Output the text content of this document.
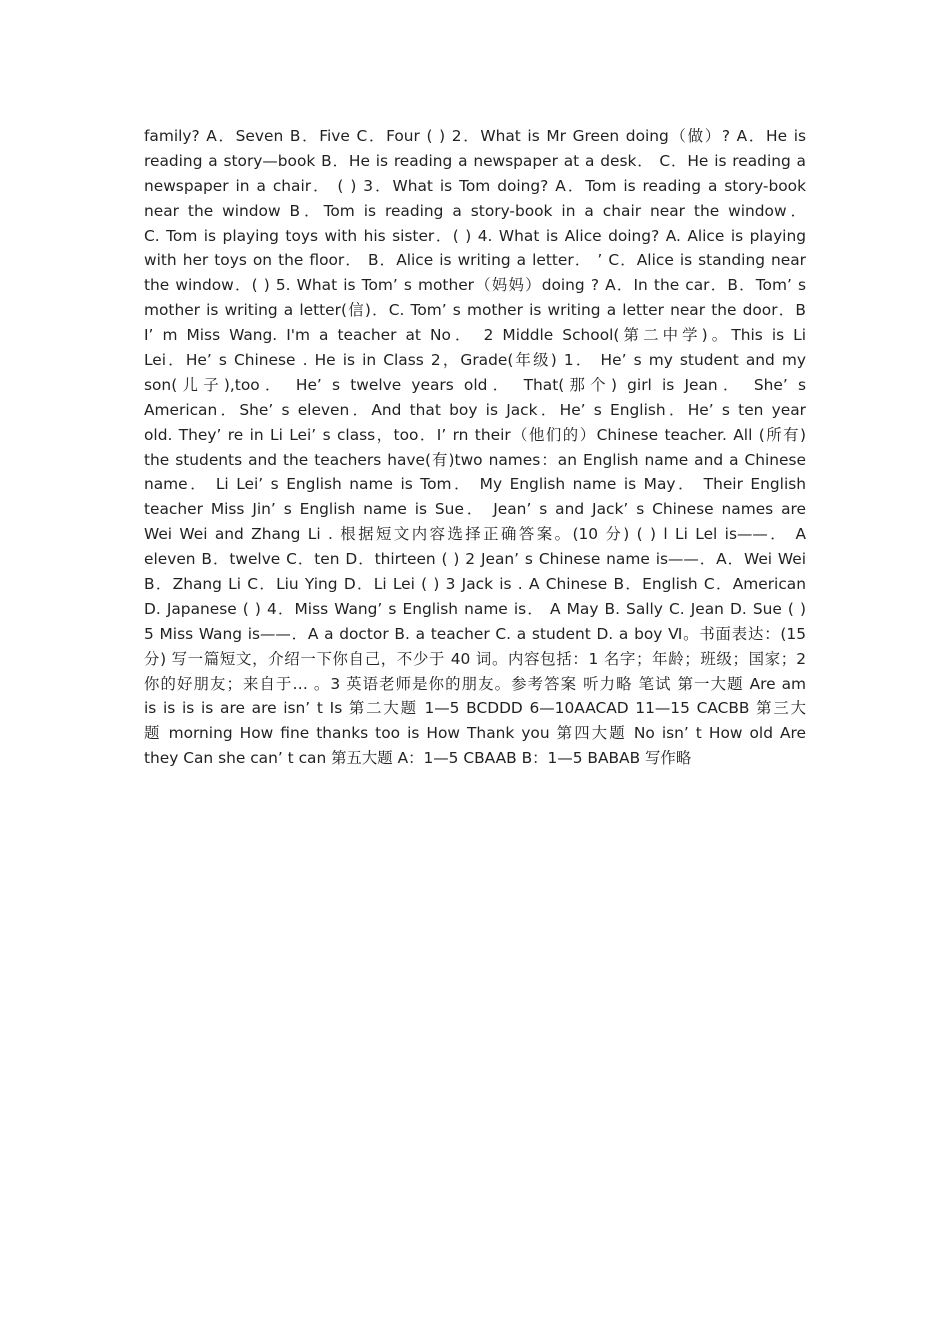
family? A．Seven B．Five C．Four ( ) 2．What is Mr Green doing（做）? A．He is
reading a story—book B．He is reading a newspaper at a desk． C．He is reading a
newspaper in a chair． ( ) 3．What is Tom doing? A．Tom is reading a story-book
near the window B．Tom is reading a story-book in a chair near the window．
C. Tom is playing toys with his sister．( ) 4. What is Alice doing? A. Alice is playing
with her toys on the floor． B．Alice is writing a letter． ’ C．Alice is standing near
the window．( ) 5. What is Tom’ s mother（妈妈）doing ? A．In the car．B．Tom’ s
mother is writing a letter(信)．C. Tom’ s mother is writing a letter near the door．B
I’ m Miss Wang. I'm a teacher at No． 2 Middle School(第二中学)。This is Li
Lei．He’ s Chinese . He is in Class 2，Grade(年级) 1． He’ s my student and my
son(儿子),too． He’ s twelve years old． That(那个) girl is Jean． She’ s
American．She’ s eleven．And that boy is Jack．He’ s English．He’ s ten year
old. They’ re in Li Lei’ s class，too．I’ rn their（他们的）Chinese teacher. All (所有)
the students and the teachers have(有)two names：an English name and a Chinese
name． Li Lei’ s English name is Tom． My English name is May． Their English
teacher Miss Jin’ s English name is Sue． Jean’ s and Jack’ s Chinese names are
Wei Wei and Zhang Li . 根据短文内容选择正确答案。(10 分) ( ) l Li Lel is——． A
eleven B．twelve C．ten D．thirteen ( ) 2 Jean’ s Chinese name is——．A．Wei Wei
B．Zhang Li C．Liu Ying D．Li Lei ( ) 3 Jack is . A Chinese B．English C．American
D. Japanese ( ) 4．Miss Wang’ s English name is． A May B. Sally C. Jean D. Sue ( )
5 Miss Wang is——．A a doctor B. a teacher C. a student D. a boy Ⅵ。书面表达：(15
分) 写一篇短文，介绍一下你自己，不少于 40 词。内容包括：1 名字；年龄；班级；国家；2
你的好朋友；来自于… 。3 英语老师是你的朋友。参考答案 听力略 笔试 第一大题 Are am
is is is is are are isn’ t Is 第二大题 1—5 BCDDD 6—10AACAD 11—15 CACBB 第三大
题 morning How fine thanks too is How Thank you 第四大题 No isn’ t How old Are
they Can she can’ t can 第五大题 A：1—5 CBAAB B：1—5 BABAB 写作略
